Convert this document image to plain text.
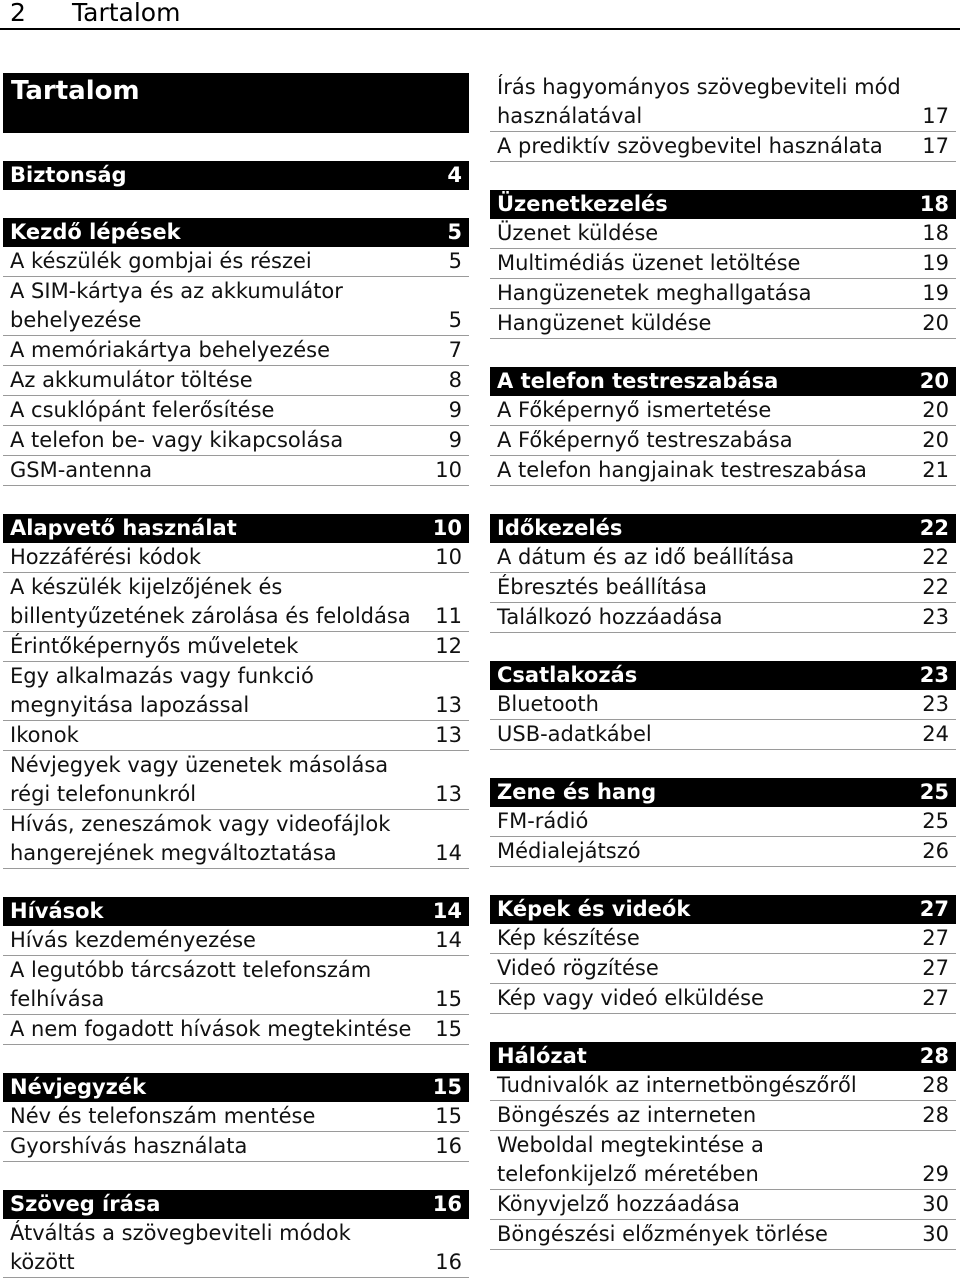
2 Tartalom
Tartalom
Biztonság	4
Kezdő lépések	5
A készülék gombjai és részei	5
A SIM-kártya és az akkumulátor
behelyezése	5
A memóriakártya behelyezése	7
Az akkumulátor töltése	8
A csuklópánt felerősítése	9
A telefon be- vagy kikapcsolása	9
GSM-antenna	10
Alapvető használat	10
Hozzáférési kódok	10
A készülék kijelzőjének és
billentyűzetének zárolása és feloldása	11
Érintőképernyős műveletek	12
Egy alkalmazás vagy funkció
megnyitása lapozással	13
Ikonok	13
Névjegyek vagy üzenetek másolása
régi telefonunkról	13
Hívás, zeneszámok vagy videofájlok
hangerejének megváltoztatása	14
Hívások	14
Hívás kezdeményezése	14
A legutóbb tárcsázott telefonszám
felhívása	15
A nem fogadott hívások megtekintése	15
Névjegyzék	15
Név és telefonszám mentése	15
Gyorshívás használata	16
Szöveg írása	16
Átváltás a szövegbeviteli módok
között	16
Írás hagyományos szövegbeviteli mód
használatával	17
A prediktív szövegbevitel használata	17
Üzenetkezelés	18
Üzenet küldése	18
Multimédiás üzenet letöltése	19
Hangüzenetek meghallgatása	19
Hangüzenet küldése	20
A telefon testreszabása	20
A Főképernyő ismertetése	20
A Főképernyő testreszabása	20
A telefon hangjainak testreszabása	21
Időkezelés	22
A dátum és az idő beállítása	22
Ébresztés beállítása	22
Találkozó hozzáadása	23
Csatlakozás	23
Bluetooth	23
USB-adatkábel	24
Zene és hang	25
FM-rádió	25
Médialejátszó	26
Képek és videók	27
Kép készítése	27
Videó rögzítése	27
Kép vagy videó elküldése	27
Hálózat	28
Tudnivalók az internetböngészőről	28
Böngészés az interneten	28
Weboldal megtekintése a
telefonkijelző méretében	29
Könyvjelző hozzáadása	30
Böngészési előzmények törlése	30
